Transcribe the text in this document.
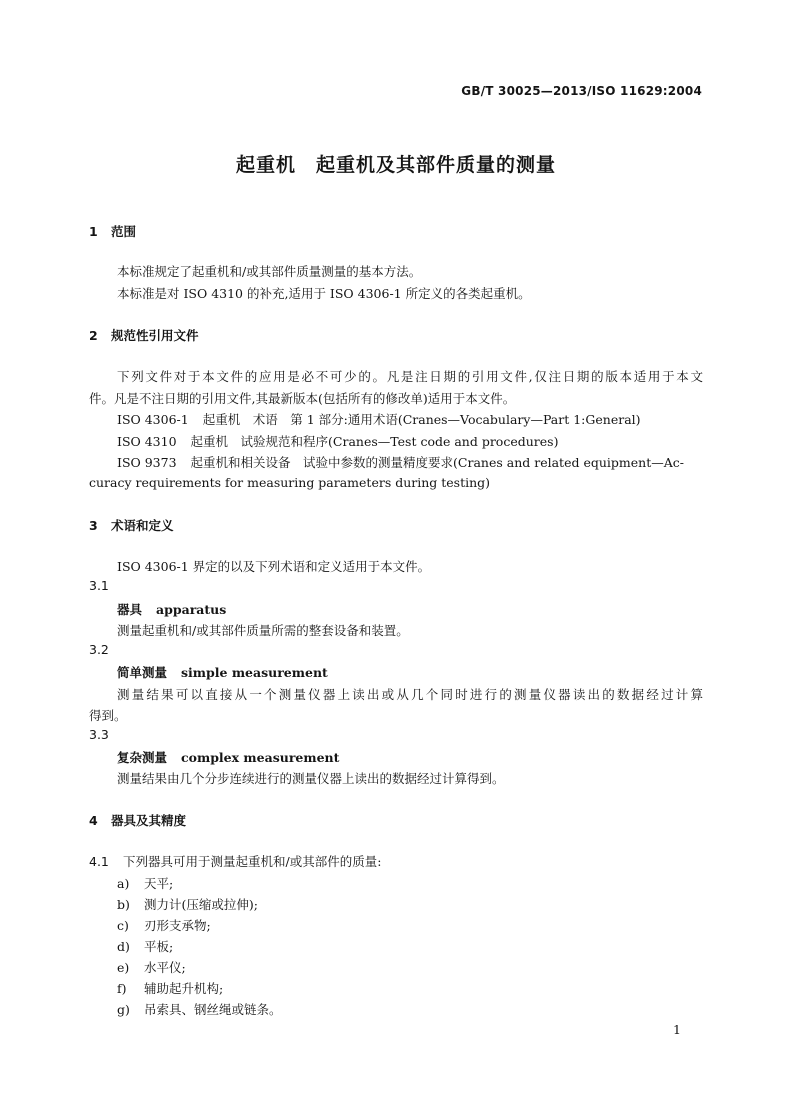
GB/T 30025—2013/ISO 11629:2004
起重机　起重机及其部件质量的测量
1 范围
本标准规定了起重机和/或其部件质量测量的基本方法。
本标准是对 ISO 4310 的补充,适用于 ISO 4306-1 所定义的各类起重机。
2 规范性引用文件
下列文件对于本文件的应用是必不可少的。凡是注日期的引用文件,仅注日期的版本适用于本文
件。凡是不注日期的引用文件,其最新版本(包括所有的修改单)适用于本文件。
ISO 4306-1 起重机　术语　第 1 部分:通用术语(Cranes—Vocabulary—Part 1:General)
ISO 4310 起重机　试验规范和程序(Cranes—Test code and procedures)
ISO 9373 起重机和相关设备　试验中参数的测量精度要求(Cranes and related equipment—Ac-
curacy requirements for measuring parameters during testing)
3 术语和定义
ISO 4306-1 界定的以及下列术语和定义适用于本文件。
3.1
器具 apparatus
测量起重机和/或其部件质量所需的整套设备和装置。
3.2
简单测量 simple measurement
测量结果可以直接从一个测量仪器上读出或从几个同时进行的测量仪器读出的数据经过计算
得到。
3.3
复杂测量 complex measurement
测量结果由几个分步连续进行的测量仪器上读出的数据经过计算得到。
4 器具及其精度
4.1 下列器具可用于测量起重机和/或其部件的质量:
a) 天平;
b) 测力计(压缩或拉伸);
c) 刃形支承物;
d) 平板;
e) 水平仪;
f) 辅助起升机构;
g) 吊索具、钢丝绳或链条。
1
